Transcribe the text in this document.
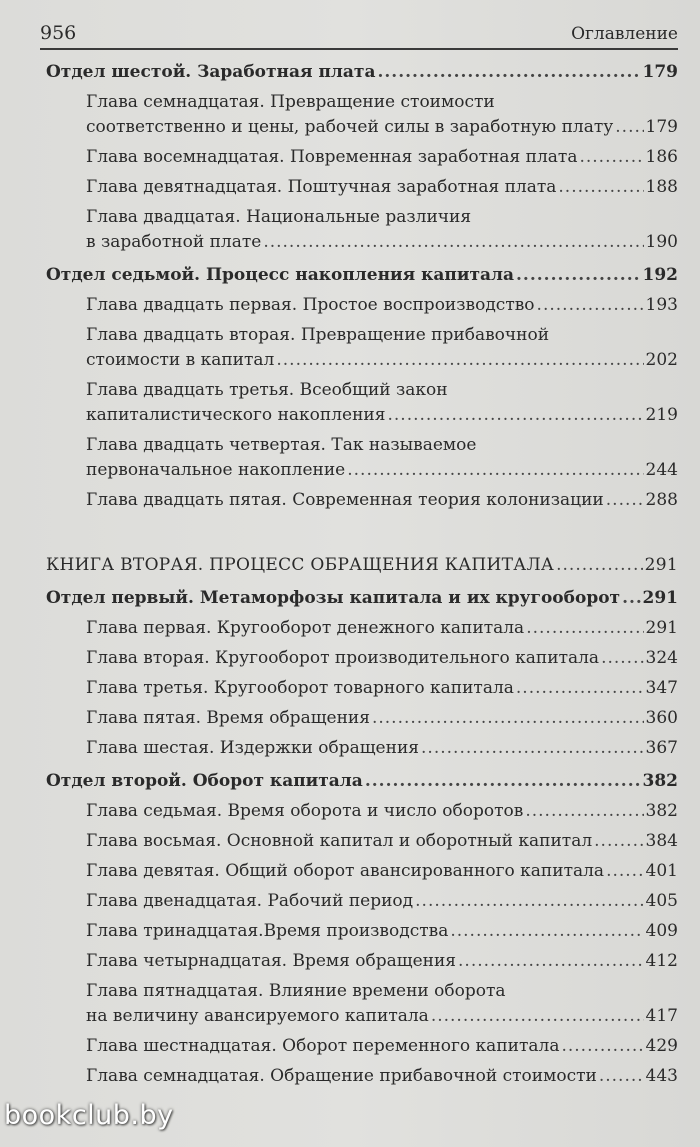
956	Оглавление
Отдел шестой. Заработная плата .....	179
Глава семнадцатая. Превращение стоимости
соответственно и цены, рабочей силы в заработную плату ..... 179
Глава восемнадцатая. Повременная заработная плата .....	186
Глава девятнадцатая. Поштучная заработная плата .....	188
Глава двадцатая. Национальные различия
в заработной плате .....	190
Отдел седьмой. Процесс накопления капитала .....	192
Глава двадцать первая. Простое воспроизводство .....	193
Глава двадцать вторая. Превращение прибавочной
стоимости в капитал .....	202
Глава двадцать третья. Всеобщий закон
капиталистического накопления .....	219
Глава двадцать четвертая. Так называемое
первоначальное накопление .....	244
Глава двадцать пятая. Современная теория колонизации ..... 288
КНИГА ВТОРАЯ. ПРОЦЕСС ОБРАЩЕНИЯ КАПИТАЛА .....	291
Отдел первый. Метаморфозы капитала и их кругооборот ..... 291
Глава первая. Кругооборот денежного капитала .....	291
Глава вторая. Кругооборот производительного капитала .....	324
Глава третья. Кругооборот товарного капитала .....	347
Глава пятая. Время обращения .....	360
Глава шестая. Издержки обращения .....	367
Отдел второй. Оборот капитала .....	382
Глава седьмая. Время оборота и число оборотов .....	382
Глава восьмая. Основной капитал и оборотный капитал .....	384
Глава девятая. Общий оборот авансированного капитала ..... 401
Глава двенадцатая. Рабочий период .....	405
Глава тринадцатая.Время производства .....	409
Глава четырнадцатая. Время обращения .....	412
Глава пятнадцатая. Влияние времени оборота
на величину авансируемого капитала .....	417
Глава шестнадцатая. Оборот переменного капитала .....	429
Глава семнадцатая. Обращение прибавочной стоимости .....	443
bookclub.by
